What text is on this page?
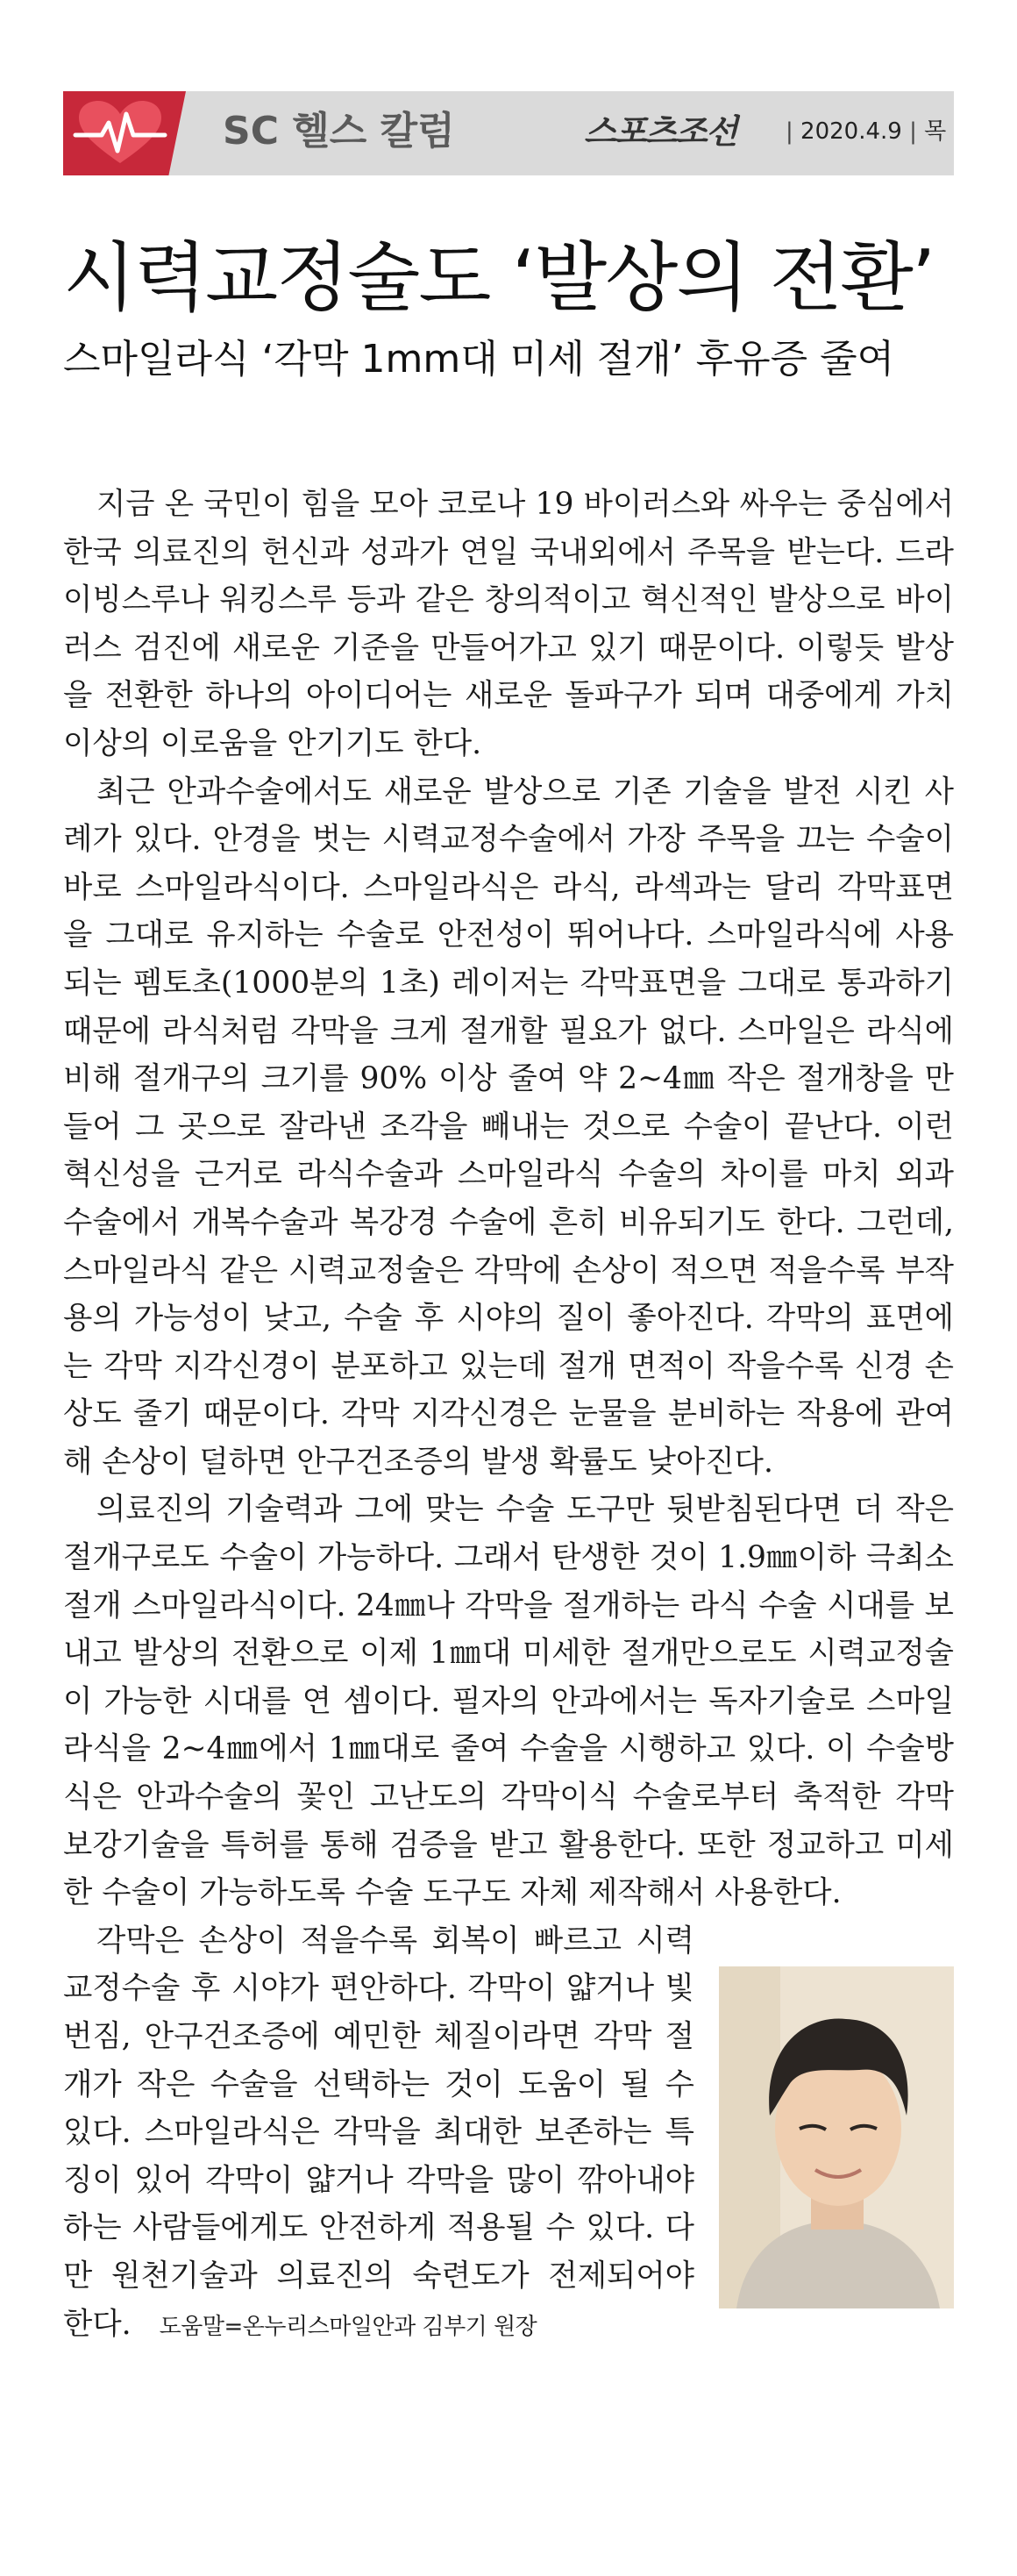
SC 헬스 칼럼	스포츠조선 | 2020.4.9 | 목
시력교정술도 ‘발상의 전환’
스마일라식 ‘각막 1mm대 미세 절개’ 후유증 줄여

지금 온 국민이 힘을 모아 코로나 19 바이러스와 싸우는 중심에서 한국 의료진의 헌신과 성과가 연일 국내외에서 주목을 받는다. 드라이빙스루나 워킹스루 등과 같은 창의적이고 혁신적인 발상으로 바이러스 검진에 새로운 기준을 만들어가고 있기 때문이다. 이렇듯 발상을 전환한 하나의 아이디어는 새로운 돌파구가 되며 대중에게 가치 이상의 이로움을 안기기도 한다.

최근 안과수술에서도 새로운 발상으로 기존 기술을 발전 시킨 사례가 있다. 안경을 벗는 시력교정수술에서 가장 주목을 끄는 수술이 바로 스마일라식이다. 스마일라식은 라식, 라섹과는 달리 각막표면을 그대로 유지하는 수술로 안전성이 뛰어나다. 스마일라식에 사용되는 펨토초(1000분의 1초) 레이저는 각막표면을 그대로 통과하기 때문에 라식처럼 각막을 크게 절개할 필요가 없다. 스마일은 라식에 비해 절개구의 크기를 90% 이상 줄여 약 2~4㎜ 작은 절개창을 만들어 그 곳으로 잘라낸 조각을 빼내는 것으로 수술이 끝난다. 이런 혁신성을 근거로 라식수술과 스마일라식 수술의 차이를 마치 외과 수술에서 개복수술과 복강경 수술에 흔히 비유되기도 한다. 그런데, 스마일라식 같은 시력교정술은 각막에 손상이 적으면 적을수록 부작용의 가능성이 낮고, 수술 후 시야의 질이 좋아진다. 각막의 표면에는 각막 지각신경이 분포하고 있는데 절개 면적이 작을수록 신경 손상도 줄기 때문이다. 각막 지각신경은 눈물을 분비하는 작용에 관여해 손상이 덜하면 안구건조증의 발생 확률도 낮아진다.

의료진의 기술력과 그에 맞는 수술 도구만 뒷받침된다면 더 작은 절개구로도 수술이 가능하다. 그래서 탄생한 것이 1.9㎜이하 극최소절개 스마일라식이다. 24㎜나 각막을 절개하는 라식 수술 시대를 보내고 발상의 전환으로 이제 1㎜대 미세한 절개만으로도 시력교정술이 가능한 시대를 연 셈이다. 필자의 안과에서는 독자기술로 스마일라식을 2~4㎜에서 1㎜대로 줄여 수술을 시행하고 있다. 이 수술방식은 안과수술의 꽃인 고난도의 각막이식 수술로부터 축적한 각막 보강기술을 특허를 통해 검증을 받고 활용한다. 또한 정교하고 미세한 수술이 가능하도록 수술 도구도 자체 제작해서 사용한다.

각막은 손상이 적을수록 회복이 빠르고 시력교정수술 후 시야가 편안하다. 각막이 얇거나 빛 번짐, 안구건조증에 예민한 체질이라면 각막 절개가 작은 수술을 선택하는 것이 도움이 될 수 있다. 스마일라식은 각막을 최대한 보존하는 특징이 있어 각막이 얇거나 각막을 많이 깎아내야 하는 사람들에게도 안전하게 적용될 수 있다. 다만 원천기술과 의료진의 숙련도가 전제되어야 한다. 도움말=온누리스마일안과 김부기 원장
